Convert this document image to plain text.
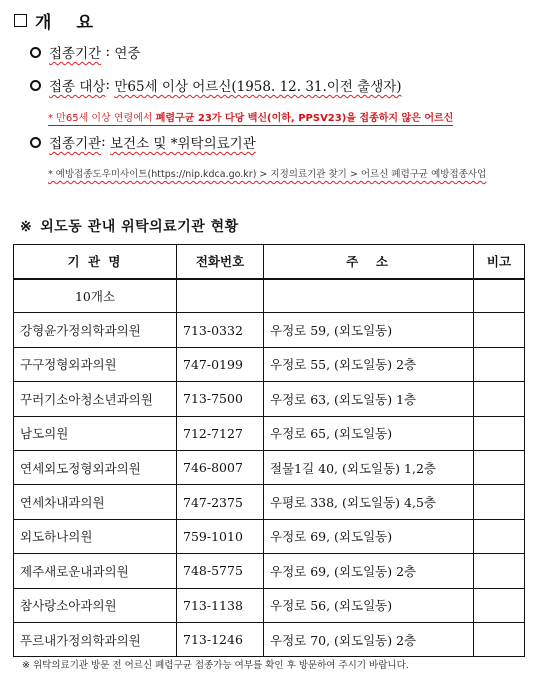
개 요
접종기간 : 연중
접종 대상 : 만65세 이상 어르신(1958. 12. 31.이전 출생자)
* 만65세 이상 연령에서 폐렴구균 23가 다당 백신(이하, PPSV23)을 접종하지 않은 어르신
접종기관 : 보건소 및 *위탁의료기관
* 예방접종도우미사이트(https://nip.kdca.go.kr) > 지정의료기관 찾기 > 어르신 폐렴구균 예방접종사업
※ 외도동 관내 위탁의료기관 현황
기 관 명	전화번호	주  소	비고
10개소			
강형윤가정의학과의원	713-0332	우정로 59, (외도일동)	
구구정형외과의원	747-0199	우정로 55, (외도일동) 2층	
꾸러기소아청소년과의원	713-7500	우정로 63, (외도일동) 1층	
남도의원	712-7127	우정로 65, (외도일동)	
연세외도정형외과의원	746-8007	절물1길 40, (외도일동) 1,2층	
연세차내과의원	747-2375	우평로 338, (외도일동) 4,5층	
외도하나의원	759-1010	우정로 69, (외도일동)	
제주새로운내과의원	748-5775	우정로 69, (외도일동) 2층	
참사랑소아과의원	713-1138	우정로 56, (외도일동)	
푸르내가정의학과의원	713-1246	우정로 70, (외도일동) 2층	
※ 위탁의료기관 방문 전 어르신 폐렴구균 접종가능 여부를 확인 후 방문하여 주시기 바랍니다.
